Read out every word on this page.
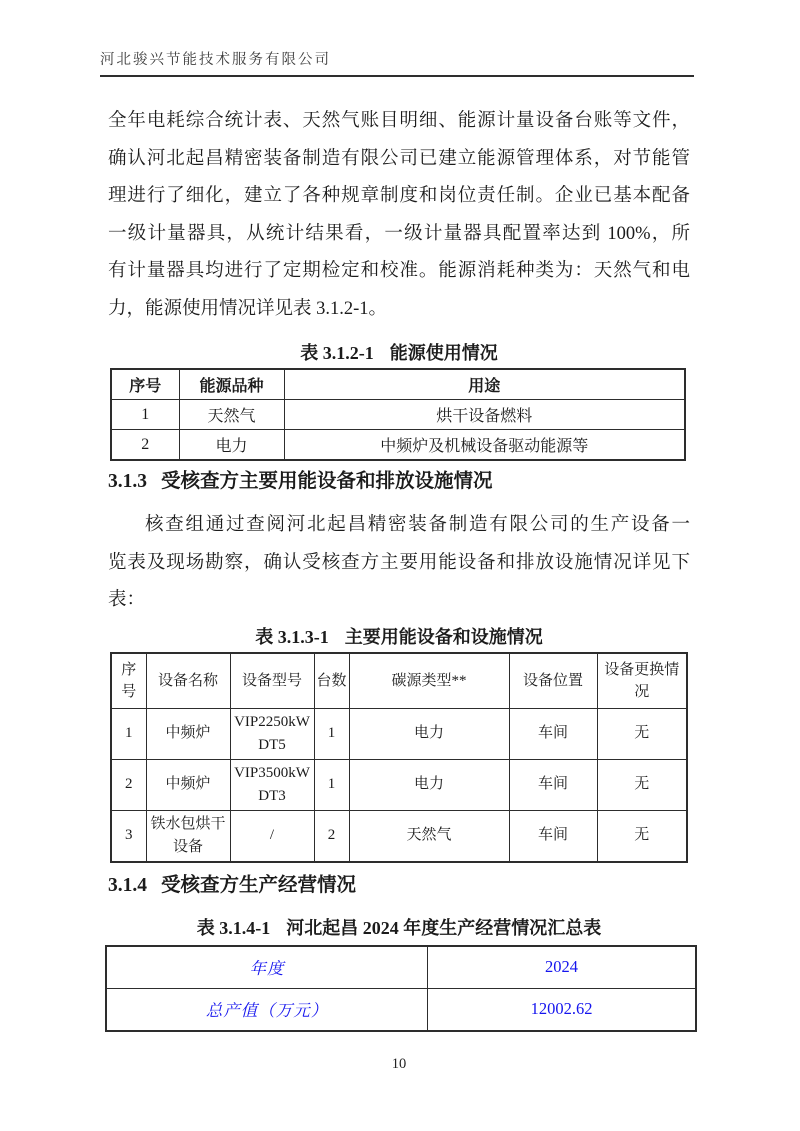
河北骏兴节能技术服务有限公司
全年电耗综合统计表、天然气账目明细、能源计量设备台账等文件，
确认河北起昌精密装备制造有限公司已建立能源管理体系，对节能管
理进行了细化，建立了各种规章制度和岗位责任制。企业已基本配备
一级计量器具，从统计结果看，一级计量器具配置率达到 100%，所
有计量器具均进行了定期检定和校准。能源消耗种类为：天然气和电
力，能源使用情况详见表 3.1.2-1。
表 3.1.2-1 能源使用情况
序号	能源品种	用途
1	天然气	烘干设备燃料
2	电力	中频炉及机械设备驱动能源等
3.1.3 受核查方主要用能设备和排放设施情况
核查组通过查阅河北起昌精密装备制造有限公司的生产设备一
览表及现场勘察，确认受核查方主要用能设备和排放设施情况详见下
表：
表 3.1.3-1 主要用能设备和设施情况
序号	设备名称	设备型号	台数	碳源类型**	设备位置	设备更换情况
1	中频炉	VIP2250kW DT5	1	电力	车间	无
2	中频炉	VIP3500kW DT3	1	电力	车间	无
3	铁水包烘干设备	/	2	天然气	车间	无
3.1.4 受核查方生产经营情况
表 3.1.4-1 河北起昌 2024 年度生产经营情况汇总表
年度	2024
总产值（万元）	12002.62
10
